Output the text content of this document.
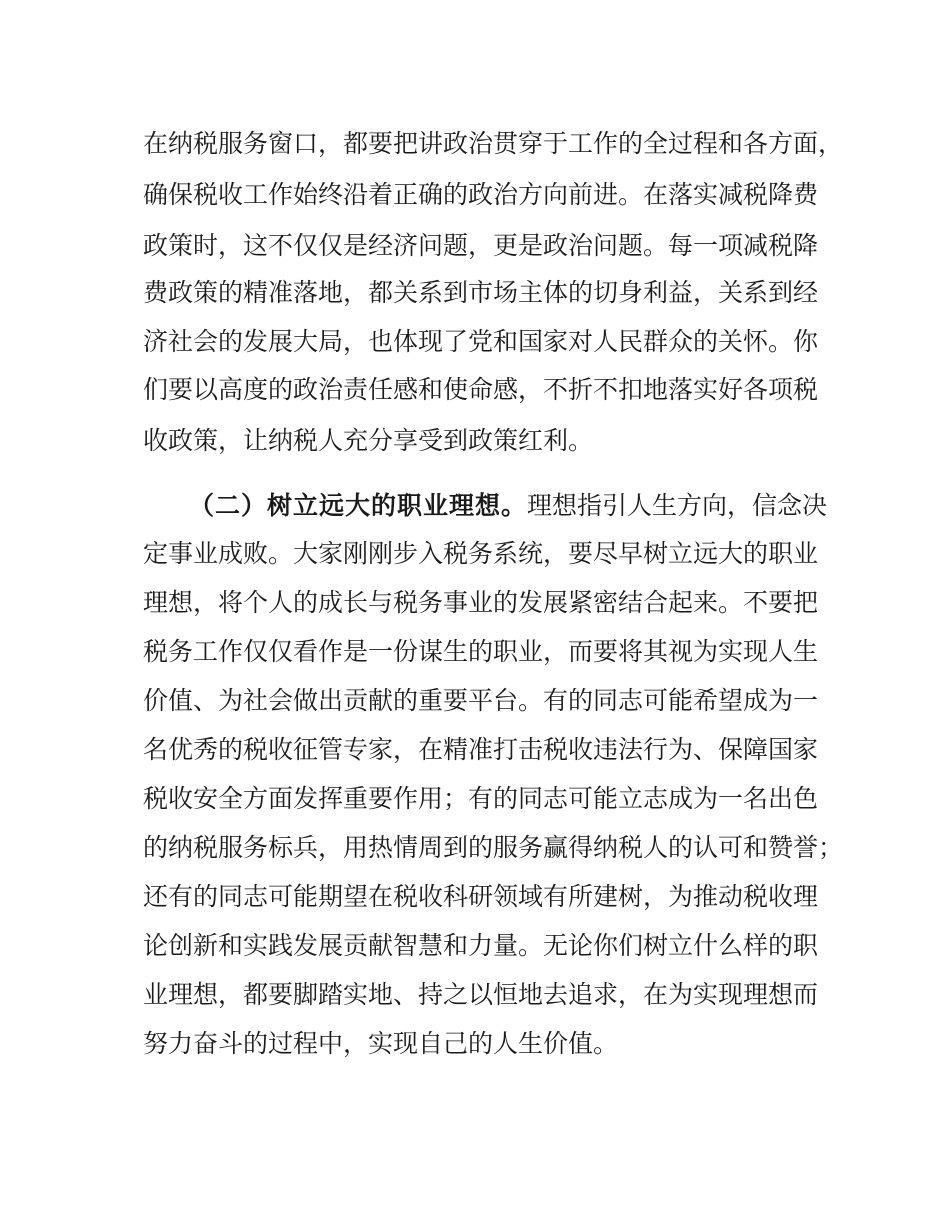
在纳税服务窗口，都要把讲政治贯穿于工作的全过程和各方面，
确保税收工作始终沿着正确的政治方向前进。在落实减税降费
政策时，这不仅仅是经济问题，更是政治问题。每一项减税降
费政策的精准落地，都关系到市场主体的切身利益，关系到经
济社会的发展大局，也体现了党和国家对人民群众的关怀。你
们要以高度的政治责任感和使命感，不折不扣地落实好各项税
收政策，让纳税人充分享受到政策红利。
（二）树立远大的职业理想。理想指引人生方向，信念决
定事业成败。大家刚刚步入税务系统，要尽早树立远大的职业
理想，将个人的成长与税务事业的发展紧密结合起来。不要把
税务工作仅仅看作是一份谋生的职业，而要将其视为实现人生
价值、为社会做出贡献的重要平台。有的同志可能希望成为一
名优秀的税收征管专家，在精准打击税收违法行为、保障国家
税收安全方面发挥重要作用；有的同志可能立志成为一名出色
的纳税服务标兵，用热情周到的服务赢得纳税人的认可和赞誉；
还有的同志可能期望在税收科研领域有所建树，为推动税收理
论创新和实践发展贡献智慧和力量。无论你们树立什么样的职
业理想，都要脚踏实地、持之以恒地去追求，在为实现理想而
努力奋斗的过程中，实现自己的人生价值。
